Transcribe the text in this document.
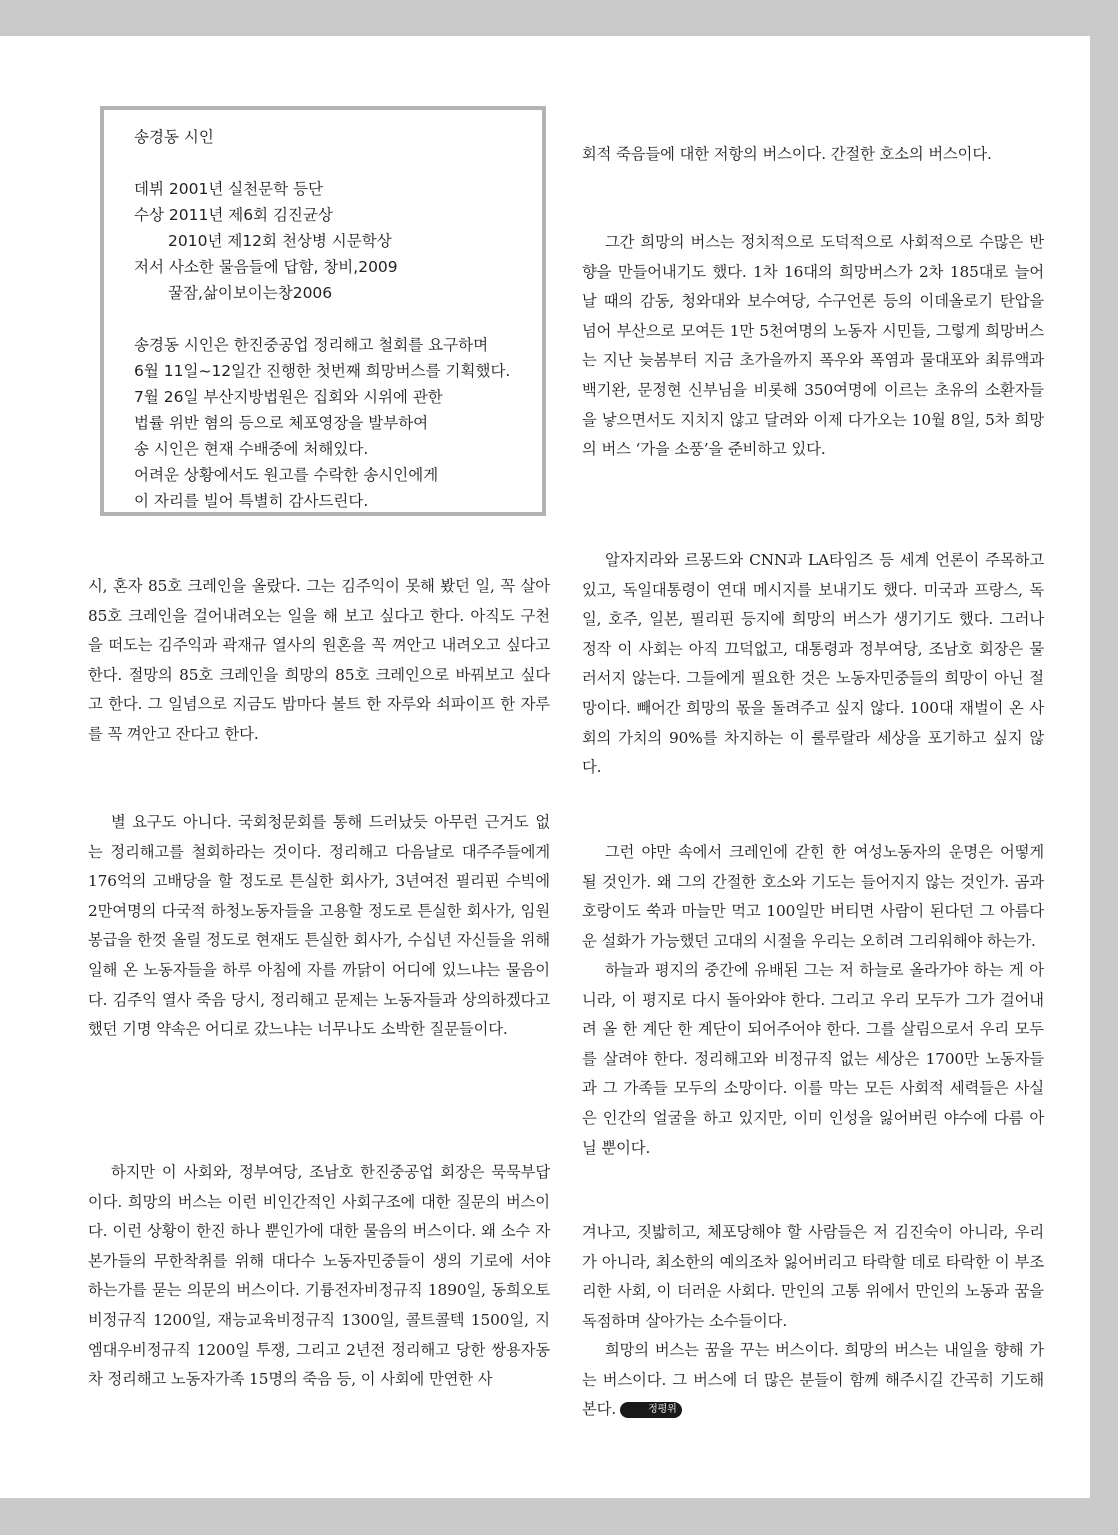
송경동 시인
데뷔 2001년 실천문학 등단
수상 2011년 제6회 김진균상
2010년 제12회 천상병 시문학상
저서 사소한 물음들에 답함, 창비,2009
꿀잠,삶이보이는창2006
송경동 시인은 한진중공업 정리해고 철회를 요구하며
6월 11일~12일간 진행한 첫번째 희망버스를 기획했다.
7월 26일 부산지방법원은 집회와 시위에 관한
법률 위반 혐의 등으로 체포영장을 발부하여
송 시인은 현재 수배중에 처해있다.
어려운 상황에서도 원고를 수락한 송시인에게
이 자리를 빌어 특별히 감사드린다.
시, 혼자 85호 크레인을 올랐다. 그는 김주익이 못해 봤던 일, 꼭 살아 85호 크레인을 걸어내려오는 일을 해 보고 싶다고 한다. 아직도 구천을 떠도는 김주익과 곽재규 열사의 원혼을 꼭 껴안고 내려오고 싶다고 한다. 절망의 85호 크레인을 희망의 85호 크레인으로 바꿔보고 싶다고 한다. 그 일념으로 지금도 밤마다 볼트 한 자루와 쇠파이프 한 자루를 꼭 껴안고 잔다고 한다.
별 요구도 아니다. 국회청문회를 통해 드러났듯 아무런 근거도 없는 정리해고를 철회하라는 것이다. 정리해고 다음날로 대주주들에게 176억의 고배당을 할 정도로 튼실한 회사가, 3년여전 필리핀 수빅에 2만여명의 다국적 하청노동자들을 고용할 정도로 튼실한 회사가, 임원 봉급을 한껏 올릴 정도로 현재도 튼실한 회사가, 수십년 자신들을 위해 일해 온 노동자들을 하루 아침에 자를 까닭이 어디에 있느냐는 물음이다. 김주익 열사 죽음 당시, 정리해고 문제는 노동자들과 상의하겠다고 했던 기명 약속은 어디로 갔느냐는 너무나도 소박한 질문들이다.
하지만 이 사회와, 정부여당, 조남호 한진중공업 회장은 묵묵부답이다. 희망의 버스는 이런 비인간적인 사회구조에 대한 질문의 버스이다. 이런 상황이 한진 하나 뿐인가에 대한 물음의 버스이다. 왜 소수 자본가들의 무한착취를 위해 대다수 노동자민중들이 생의 기로에 서야 하는가를 묻는 의문의 버스이다. 기륭전자비정규직 1890일, 동희오토비정규직 1200일, 재능교육비정규직 1300일, 콜트콜텍 1500일, 지엠대우비정규직 1200일 투쟁, 그리고 2년전 정리해고 당한 쌍용자동차 정리해고 노동자가족 15명의 죽음 등, 이 사회에 만연한 사
회적 죽음들에 대한 저항의 버스이다. 간절한 호소의 버스이다.
그간 희망의 버스는 정치적으로 도덕적으로 사회적으로 수많은 반향을 만들어내기도 했다. 1차 16대의 희망버스가 2차 185대로 늘어날 때의 감동, 청와대와 보수여당, 수구언론 등의 이데올로기 탄압을 넘어 부산으로 모여든 1만 5천여명의 노동자 시민들, 그렇게 희망버스는 지난 늦봄부터 지금 초가을까지 폭우와 폭염과 물대포와 최류액과 백기완, 문정현 신부님을 비롯해 350여명에 이르는 초유의 소환자들을 낳으면서도 지치지 않고 달려와 이제 다가오는 10월 8일, 5차 희망의 버스 ‘가을 소풍’을 준비하고 있다.
알자지라와 르몽드와 CNN과 LA타임즈 등 세계 언론이 주목하고 있고, 독일대통령이 연대 메시지를 보내기도 했다. 미국과 프랑스, 독일, 호주, 일본, 필리핀 등지에 희망의 버스가 생기기도 했다. 그러나 정작 이 사회는 아직 끄덕없고, 대통령과 정부여당, 조남호 회장은 물러서지 않는다. 그들에게 필요한 것은 노동자민중들의 희망이 아닌 절망이다. 빼어간 희망의 몫을 돌려주고 싶지 않다. 100대 재벌이 온 사회의 가치의 90%를 차지하는 이 룰루랄라 세상을 포기하고 싶지 않다.
그런 야만 속에서 크레인에 갇힌 한 여성노동자의 운명은 어떻게 될 것인가. 왜 그의 간절한 호소와 기도는 들어지지 않는 것인가. 곰과 호랑이도 쑥과 마늘만 먹고 100일만 버티면 사람이 된다던 그 아름다운 설화가 가능했던 고대의 시절을 우리는 오히려 그리워해야 하는가.
하늘과 평지의 중간에 유배된 그는 저 하늘로 올라가야 하는 게 아니라, 이 평지로 다시 돌아와야 한다. 그리고 우리 모두가 그가 걸어내려 올 한 계단 한 계단이 되어주어야 한다. 그를 살림으로서 우리 모두를 살려야 한다. 정리해고와 비정규직 없는 세상은 1700만 노동자들과 그 가족들 모두의 소망이다. 이를 막는 모든 사회적 세력들은 사실은 인간의 얼굴을 하고 있지만, 이미 인성을 잃어버린 야수에 다름 아닐 뿐이다.
겨나고, 짓밟히고, 체포당해야 할 사람들은 저 김진숙이 아니라, 우리가 아니라, 최소한의 예의조차 잃어버리고 타락할 데로 타락한 이 부조리한 사회, 이 더러운 사회다. 만인의 고통 위에서 만인의 노동과 꿈을 독점하며 살아가는 소수들이다.
희망의 버스는 꿈을 꾸는 버스이다. 희망의 버스는 내일을 향해 가는 버스이다. 그 버스에 더 많은 분들이 함께 해주시길 간곡히 기도해 본다.	정평위
